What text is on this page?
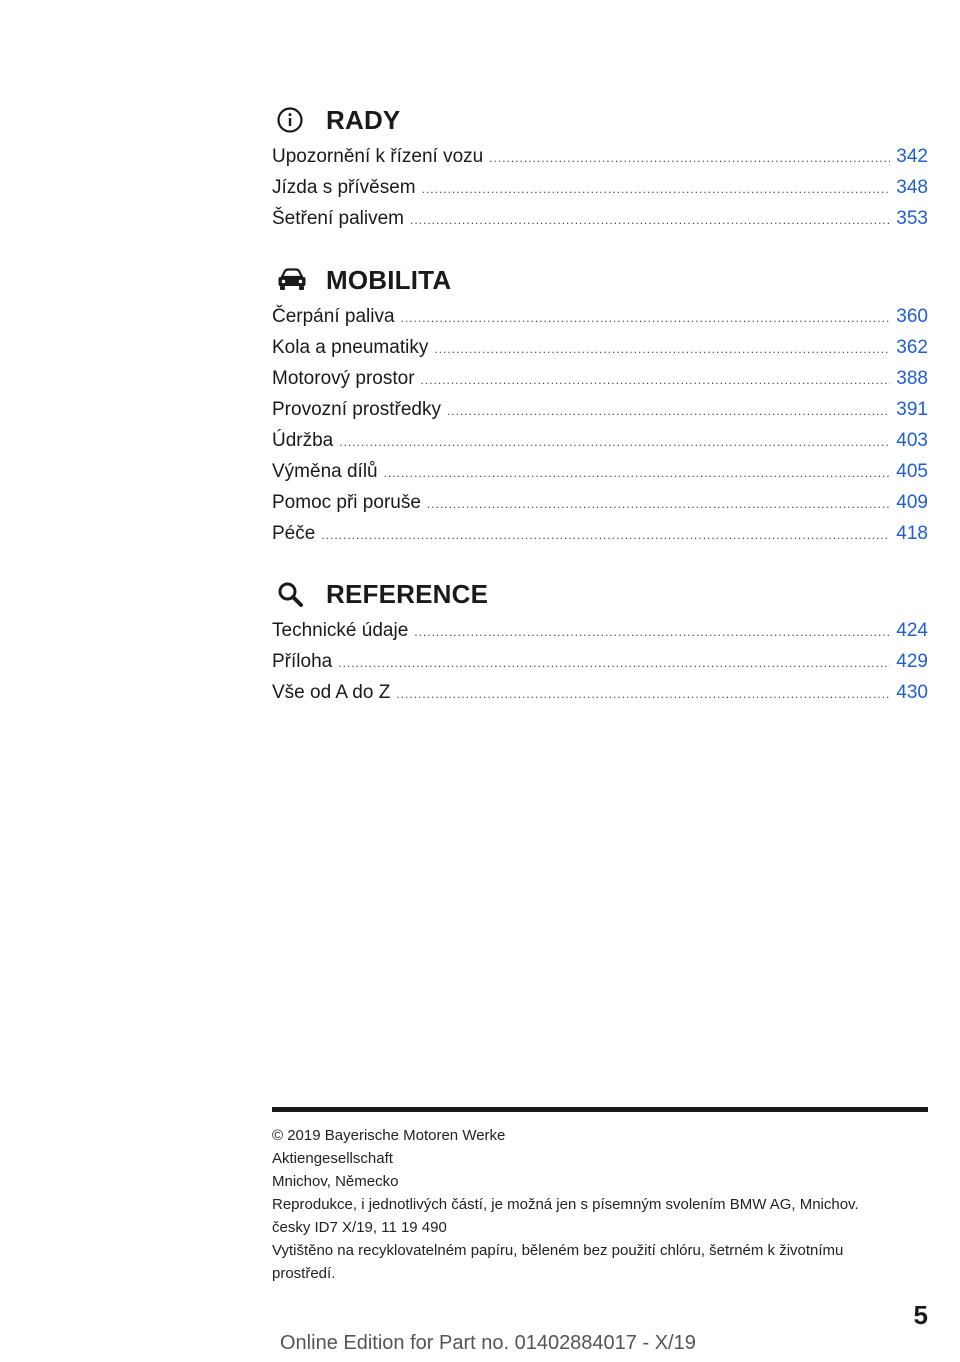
RADY
Upozornění k řízení vozu .....	342
Jízda s přívěsem .....	348
Šetření palivem .....	353
MOBILITA
Čerpání paliva .....	360
Kola a pneumatiky .....	362
Motorový prostor .....	388
Provozní prostředky .....	391
Údržba .....	403
Výměna dílů .....	405
Pomoc při poruše .....	409
Péče .....	418
REFERENCE
Technické údaje .....	424
Příloha .....	429
Vše od A do Z .....	430
© 2019 Bayerische Motoren Werke
Aktiengesellschaft
Mnichov, Německo
Reprodukce, i jednotlivých částí, je možná jen s písemným svolením BMW AG, Mnichov.
česky ID7 X/19, 11 19 490
Vytištěno na recyklovatelném papíru, běleném bez použití chlóru, šetrném k životnímu
prostředí.
5
Online Edition for Part no. 01402884017 - X/19
